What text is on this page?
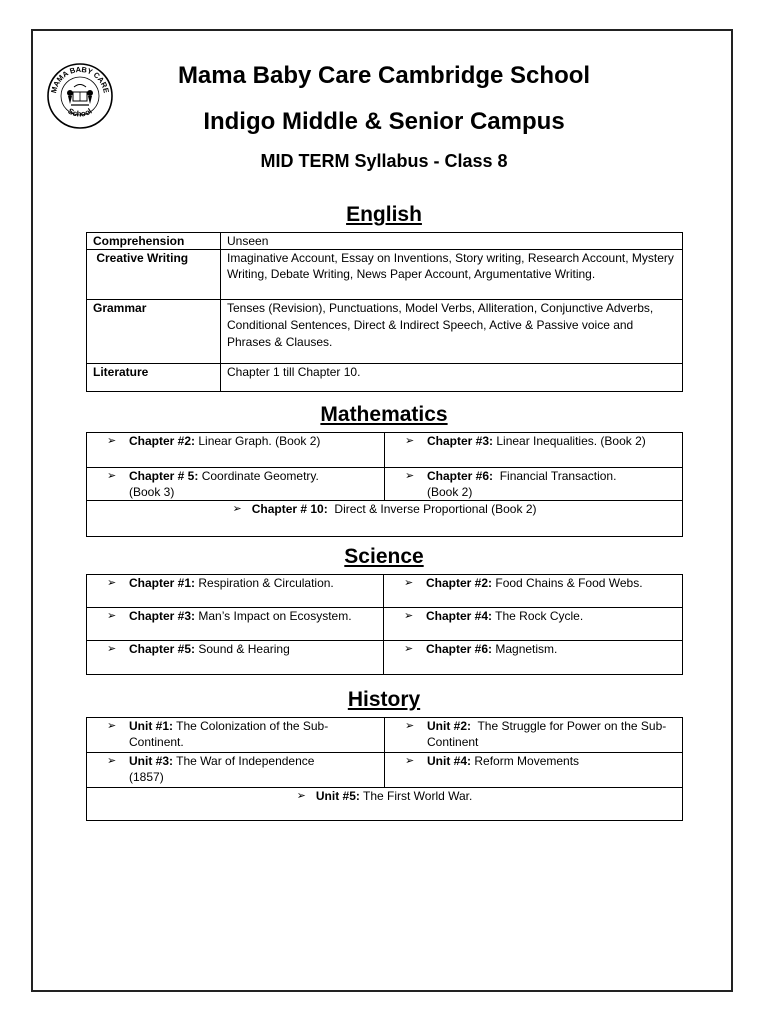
MAMA BABY CARE
School
Mama Baby Care Cambridge School
Indigo Middle & Senior Campus
MID TERM Syllabus - Class 8
English
Comprehension	Unseen
Creative Writing	Imaginative Account, Essay on Inventions, Story writing, Research Account, Mystery Writing, Debate Writing, News Paper Account, Argumentative Writing.
Grammar	Tenses (Revision), Punctuations, Model Verbs, Alliteration, Conjunctive Adverbs, Conditional Sentences, Direct & Indirect Speech, Active & Passive voice and Phrases & Clauses.
Literature	Chapter 1 till Chapter 10.
Mathematics
➢ Chapter #2: Linear Graph. (Book 2)	➢ Chapter #3: Linear Inequalities. (Book 2)

➢ Chapter # 5: Coordinate Geometry. (Book 3)	➢ Chapter #6:  Financial Transaction. (Book 2)

➢ Chapter # 10:  Direct & Inverse Proportional (Book 2)	
Science
➢ Chapter #1: Respiration & Circulation.	➢ Chapter #2: Food Chains & Food Webs.

➢ Chapter #3: Man’s Impact on Ecosystem.	➢ Chapter #4: The Rock Cycle.

➢ Chapter #5: Sound & Hearing	➢ Chapter #6: Magnetism.
History
➢ Unit #1: The Colonization of the Sub-Continent.	➢ Unit #2:  The Struggle for Power on the Sub-Continent

➢ Unit #3: The War of Independence (1857)	➢ Unit #4: Reform Movements

➢ Unit #5: The First World War.	
